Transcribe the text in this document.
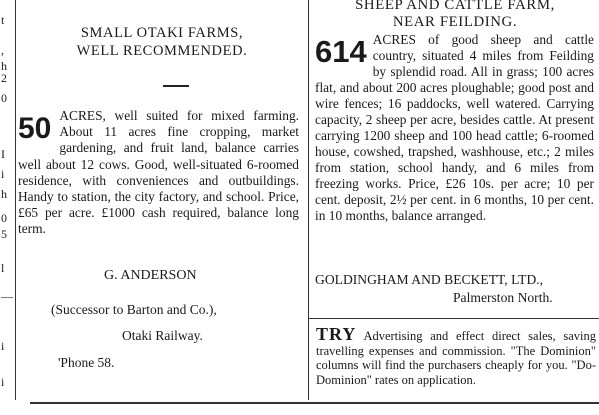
t
,
h
2
0
I
i
h
0
5
l
—
i
i
SMALL OTAKI FARMS,
WELL RECOMMENDED.
50 ACRES, well suited for mixed farming. About 11 acres fine cropping, market gardening, and fruit land, balance carries well about 12 cows. Good, well-situated 6-roomed residence, with conveniences and outbuildings. Handy to station, the city factory, and school. Price, £65 per acre. £1000 cash required, balance long term.
G. ANDERSON
(Successor to Barton and Co.),
Otaki Railway.
'Phone 58.
SHEEP AND CATTLE FARM,
NEAR FEILDING.
614 ACRES of good sheep and cattle country, situated 4 miles from Feilding by splendid road. All in grass; 100 acres flat, and about 200 acres ploughable; good post and wire fences; 16 paddocks, well watered. Carrying capacity, 2 sheep per acre, besides cattle. At present carrying 1200 sheep and 100 head cattle; 6-roomed house, cowshed, trapshed, washhouse, etc.; 2 miles from station, school handy, and 6 miles from freezing works. Price, £26 10s. per acre; 10 per cent. deposit, 2½ per cent. in 6 months, 10 per cent. in 10 months, balance arranged.
GOLDINGHAM AND BECKETT, LTD.,
Palmerston North.
TRY Advertising and effect direct sales, saving travelling expenses and commission. "The Dominion" columns will find the purchasers cheaply for you. "Do-Dominion" rates on application.
